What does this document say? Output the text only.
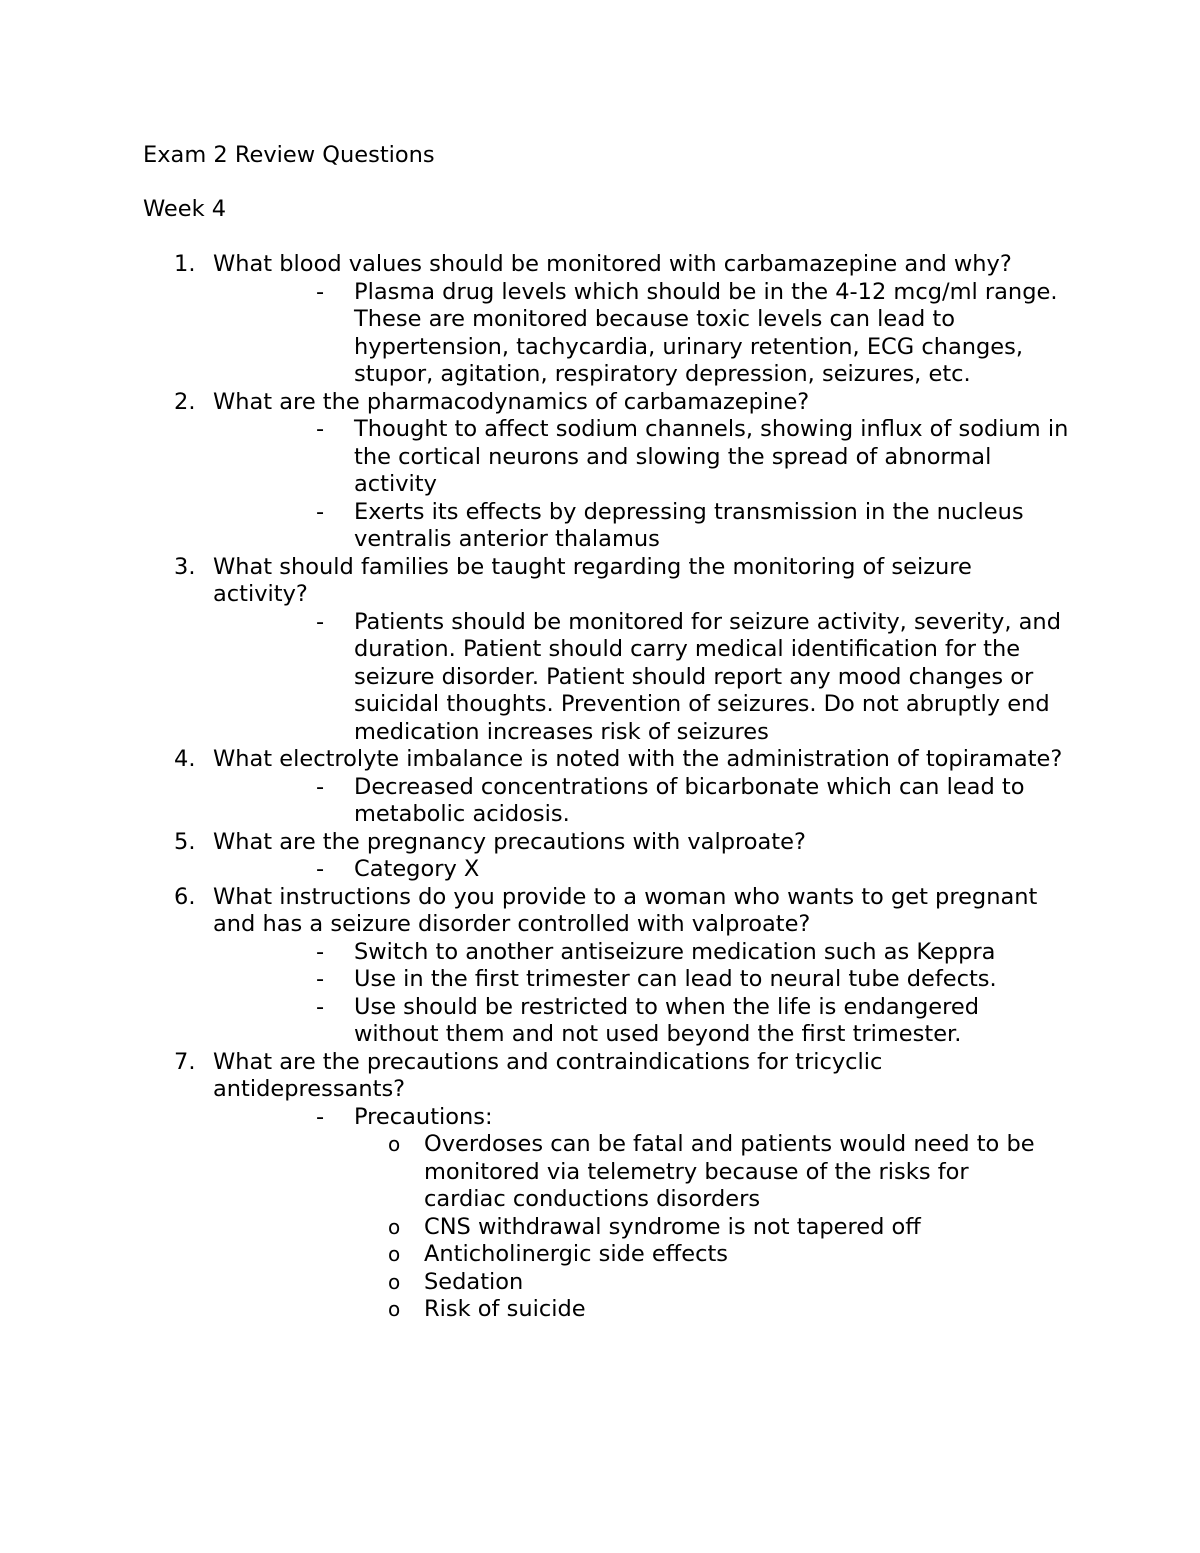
Exam 2 Review Questions
Week 4
1. What blood values should be monitored with carbamazepine and why?
- Plasma drug levels which should be in the 4-12 mcg/ml range. These are monitored because toxic levels can lead to hypertension, tachycardia, urinary retention, ECG changes, stupor, agitation, respiratory depression, seizures, etc.
2. What are the pharmacodynamics of carbamazepine?
- Thought to affect sodium channels, showing influx of sodium in the cortical neurons and slowing the spread of abnormal activity
- Exerts its effects by depressing transmission in the nucleus ventralis anterior thalamus
3. What should families be taught regarding the monitoring of seizure activity?
- Patients should be monitored for seizure activity, severity, and duration. Patient should carry medical identification for the seizure disorder. Patient should report any mood changes or suicidal thoughts. Prevention of seizures. Do not abruptly end medication increases risk of seizures
4. What electrolyte imbalance is noted with the administration of topiramate?
- Decreased concentrations of bicarbonate which can lead to metabolic acidosis.
5. What are the pregnancy precautions with valproate?
- Category X
6. What instructions do you provide to a woman who wants to get pregnant and has a seizure disorder controlled with valproate?
- Switch to another antiseizure medication such as Keppra
- Use in the first trimester can lead to neural tube defects.
- Use should be restricted to when the life is endangered without them and not used beyond the first trimester.
7. What are the precautions and contraindications for tricyclic antidepressants?
- Precautions:
o Overdoses can be fatal and patients would need to be monitored via telemetry because of the risks for cardiac conductions disorders
o CNS withdrawal syndrome is not tapered off
o Anticholinergic side effects
o Sedation
o Risk of suicide
